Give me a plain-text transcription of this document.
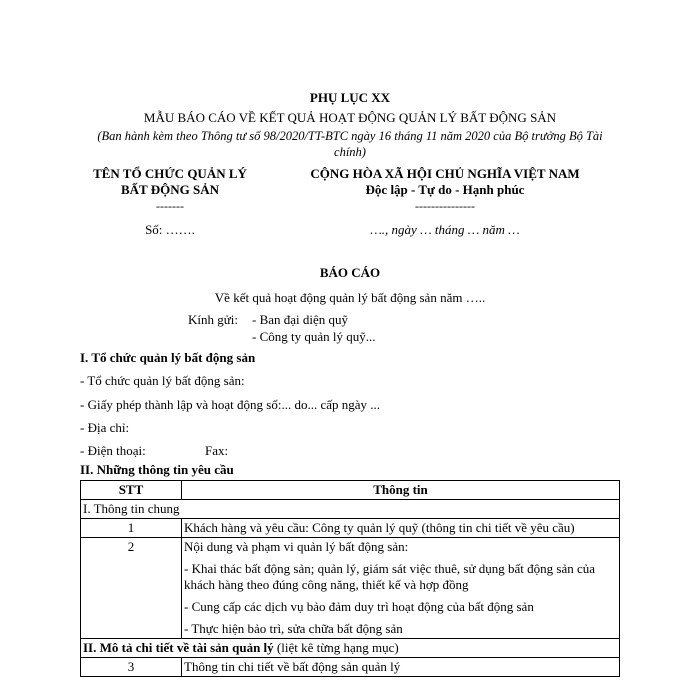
PHỤ LỤC XX
MẪU BÁO CÁO VỀ KẾT QUẢ HOẠT ĐỘNG QUẢN LÝ BẤT ĐỘNG SẢN
(Ban hành kèm theo Thông tư số 98/2020/TT-BTC ngày 16 tháng 11 năm 2020 của Bộ trưởng Bộ Tài chính)
TÊN TỔ CHỨC QUẢN LÝ
BẤT ĐỘNG SẢN
-------
CỘNG HÒA XÃ HỘI CHỦ NGHĨA VIỆT NAM
Độc lập - Tự do - Hạnh phúc
---------------
Số: …….	…., ngày … tháng … năm …
BÁO CÁO
Về kết quả hoạt động quản lý bất động sản năm …..
Kính gửi: - Ban đại diện quỹ
- Công ty quản lý quỹ...
I. Tổ chức quản lý bất động sản
- Tổ chức quản lý bất động sản:
- Giấy phép thành lập và hoạt động số:... do... cấp ngày ...
- Địa chỉ:
- Điện thoại:	Fax:
II. Những thông tin yêu cầu
STT	Thông tin
I. Thông tin chung	
1	Khách hàng và yêu cầu: Công ty quản lý quỹ (thông tin chi tiết về yêu cầu)
2	Nội dung và phạm vi quản lý bất động sản:
- Khai thác bất động sản; quản lý, giám sát việc thuê, sử dụng bất động sản của khách hàng theo đúng công năng, thiết kế và hợp đồng
- Cung cấp các dịch vụ bảo đảm duy trì hoạt động của bất động sản
- Thực hiện bảo trì, sửa chữa bất động sản

II. Mô tả chi tiết về tài sản quản lý (liệt kê từng hạng mục)	
3	Thông tin chi tiết về bất động sản quản lý
